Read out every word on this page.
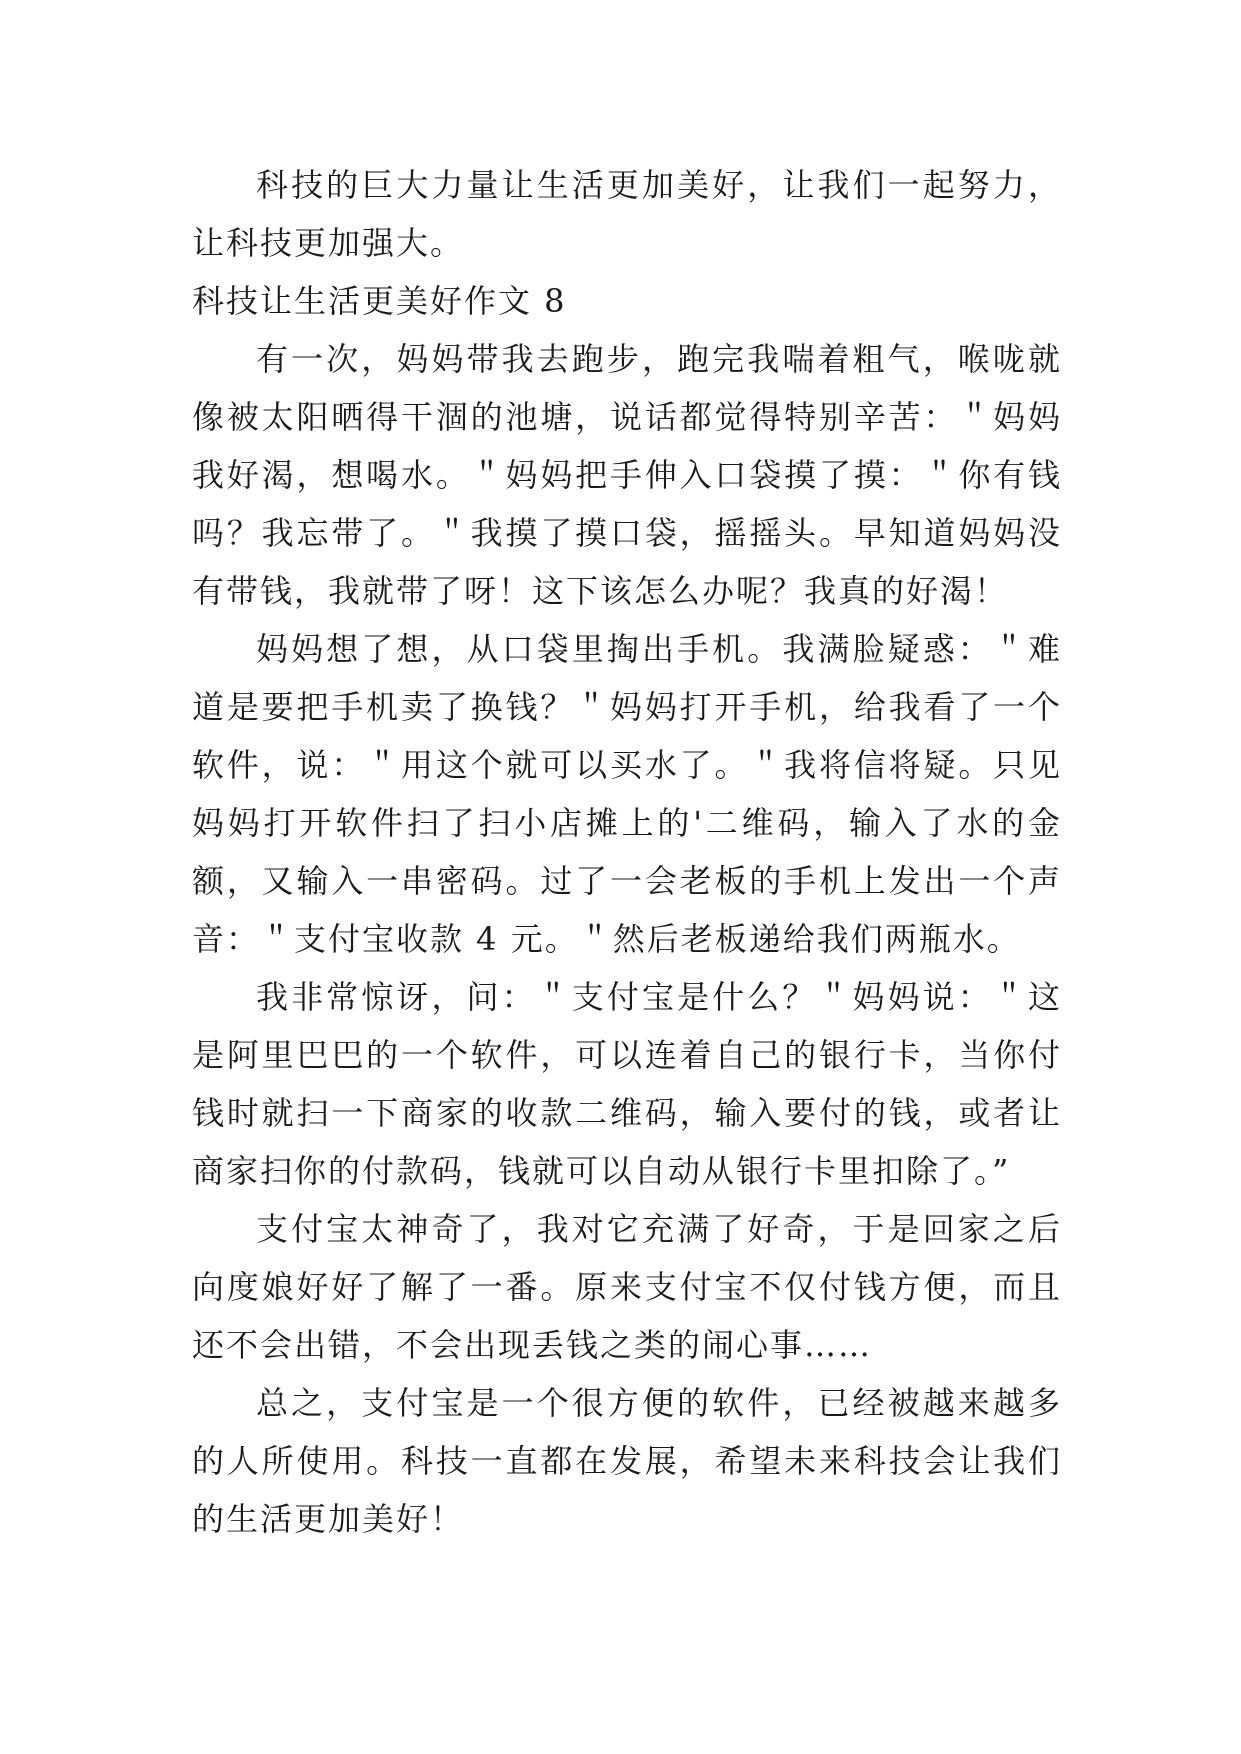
科技的巨大力量让生活更加美好，让我们一起努力，让科技更加强大。

科技让生活更美好作文 8

有一次，妈妈带我去跑步，跑完我喘着粗气，喉咙就像被太阳晒得干涸的池塘，说话都觉得特别辛苦：＂妈妈我好渴，想喝水。＂妈妈把手伸入口袋摸了摸：＂你有钱吗？我忘带了。＂我摸了摸口袋，摇摇头。早知道妈妈没有带钱，我就带了呀！这下该怎么办呢？我真的好渴！

妈妈想了想，从口袋里掏出手机。我满脸疑惑：＂难道是要把手机卖了换钱？＂妈妈打开手机，给我看了一个软件，说：＂用这个就可以买水了。＂我将信将疑。只见妈妈打开软件扫了扫小店摊上的'二维码，输入了水的金额，又输入一串密码。过了一会老板的手机上发出一个声音：＂支付宝收款 4 元。＂然后老板递给我们两瓶水。

我非常惊讶，问：＂支付宝是什么？＂妈妈说：＂这是阿里巴巴的一个软件，可以连着自己的银行卡，当你付钱时就扫一下商家的收款二维码，输入要付的钱，或者让商家扫你的付款码，钱就可以自动从银行卡里扣除了。”

支付宝太神奇了，我对它充满了好奇，于是回家之后向度娘好好了解了一番。原来支付宝不仅付钱方便，而且还不会出错，不会出现丢钱之类的闹心事……

总之，支付宝是一个很方便的软件，已经被越来越多的人所使用。科技一直都在发展，希望未来科技会让我们的生活更加美好！
